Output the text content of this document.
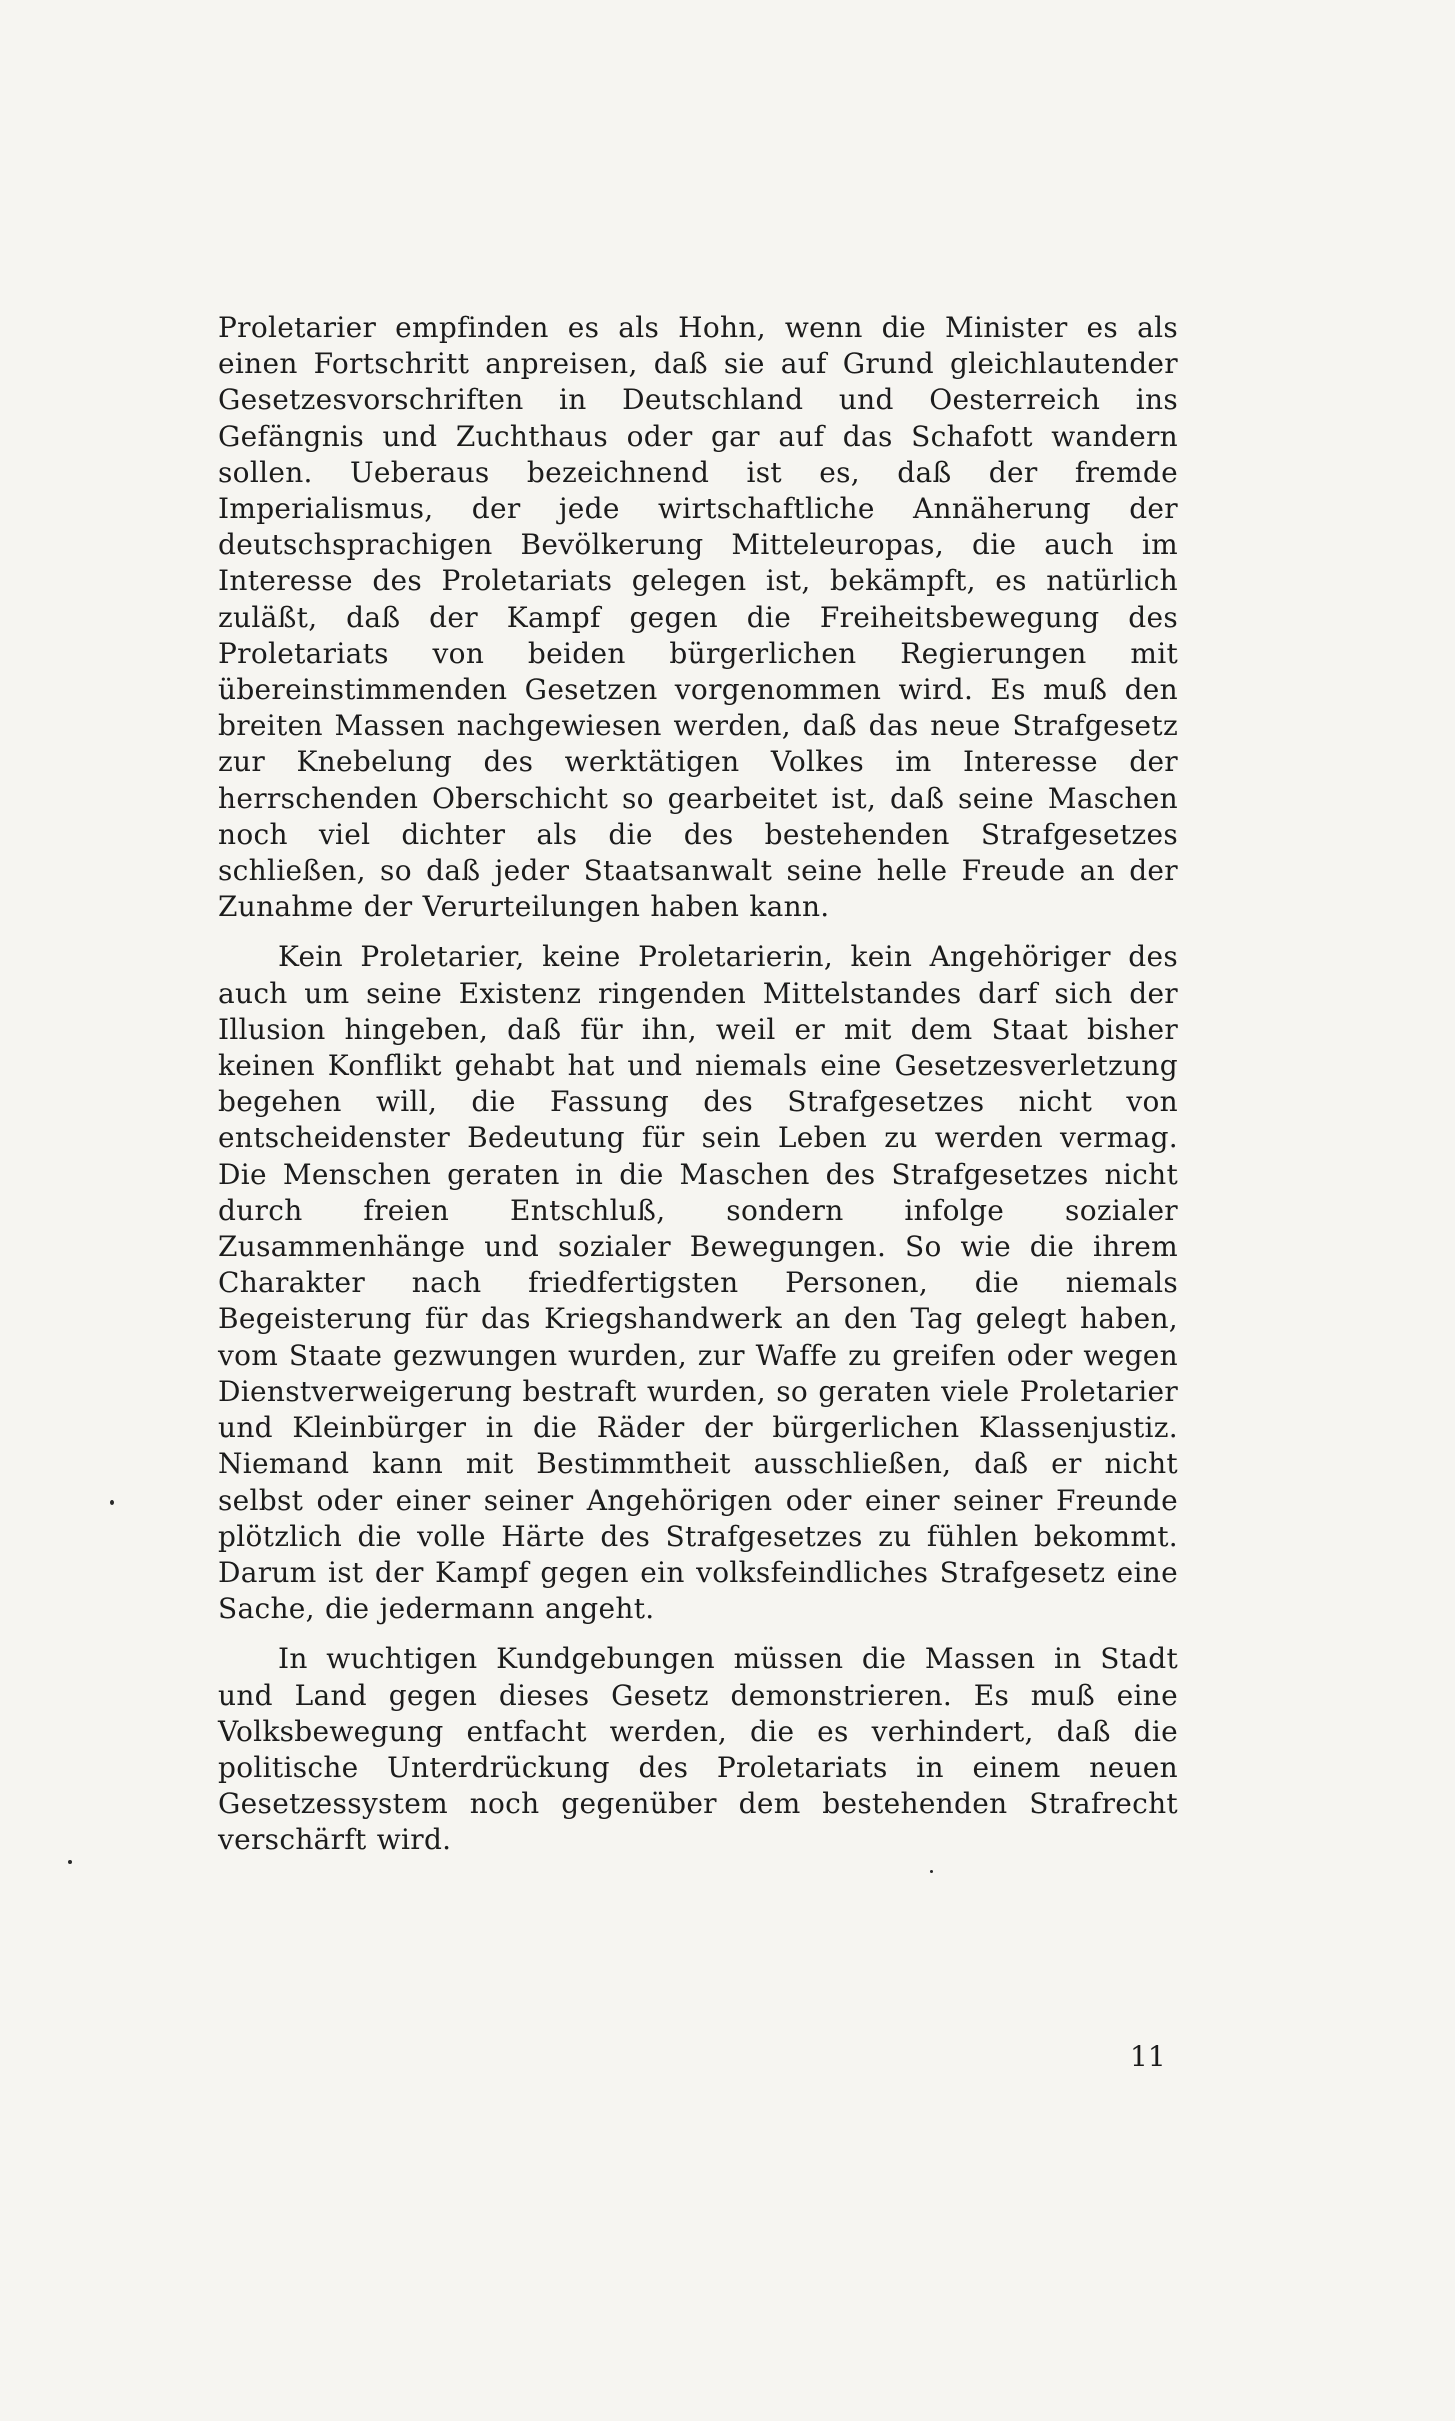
Proletarier empfinden es als Hohn, wenn die Minister es als einen Fortschritt anpreisen, daß sie auf Grund gleichlautender Gesetzesvorschriften in Deutschland und Oesterreich ins Gefängnis und Zuchthaus oder gar auf das Schafott wandern sollen. Ueberaus bezeichnend ist es, daß der fremde Imperialismus, der jede wirtschaftliche Annäherung der deutschsprachigen Bevölkerung Mitteleuropas, die auch im Interesse des Proletariats gelegen ist, bekämpft, es natürlich zuläßt, daß der Kampf gegen die Freiheitsbewegung des Proletariats von beiden bürgerlichen Regierungen mit übereinstimmenden Gesetzen vorgenommen wird. Es muß den breiten Massen nachgewiesen werden, daß das neue Strafgesetz zur Knebelung des werktätigen Volkes im Interesse der herrschenden Oberschicht so gearbeitet ist, daß seine Maschen noch viel dichter als die des bestehenden Strafgesetzes schließen, so daß jeder Staatsanwalt seine helle Freude an der Zunahme der Verurteilungen haben kann.

Kein Proletarier, keine Proletarierin, kein Angehöriger des auch um seine Existenz ringenden Mittelstandes darf sich der Illusion hingeben, daß für ihn, weil er mit dem Staat bisher keinen Konflikt gehabt hat und niemals eine Gesetzesverletzung begehen will, die Fassung des Strafgesetzes nicht von entscheidenster Bedeutung für sein Leben zu werden vermag. Die Menschen geraten in die Maschen des Strafgesetzes nicht durch freien Entschluß, sondern infolge sozialer Zusammenhänge und sozialer Bewegungen. So wie die ihrem Charakter nach friedfertigsten Personen, die niemals Begeisterung für das Kriegshandwerk an den Tag gelegt haben, vom Staate gezwungen wurden, zur Waffe zu greifen oder wegen Dienstverweigerung bestraft wurden, so geraten viele Proletarier und Kleinbürger in die Räder der bürgerlichen Klassenjustiz. Niemand kann mit Bestimmtheit ausschließen, daß er nicht selbst oder einer seiner Angehörigen oder einer seiner Freunde plötzlich die volle Härte des Strafgesetzes zu fühlen bekommt. Darum ist der Kampf gegen ein volksfeindliches Strafgesetz eine Sache, die jedermann angeht.

In wuchtigen Kundgebungen müssen die Massen in Stadt und Land gegen dieses Gesetz demonstrieren. Es muß eine Volksbewegung entfacht werden, die es verhindert, daß die politische Unterdrückung des Proletariats in einem neuen Gesetzessystem noch gegenüber dem bestehenden Strafrecht verschärft wird.

11
